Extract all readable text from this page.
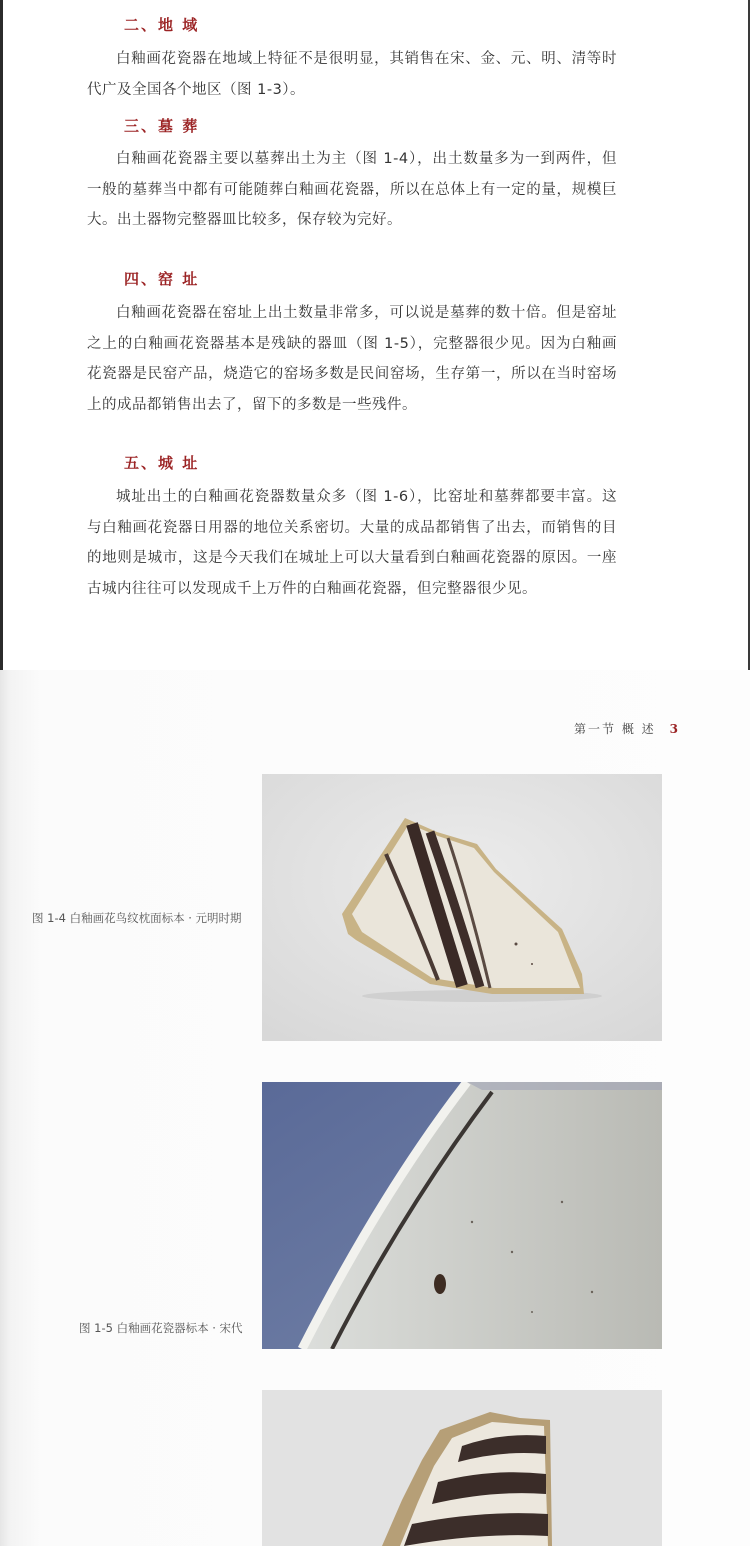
二、地 域

白釉画花瓷器在地域上特征不是很明显，其销售在宋、金、元、明、清等时代广及全国各个地区（图 1-3）。

三、墓 葬

白釉画花瓷器主要以墓葬出土为主（图 1-4），出土数量多为一到两件，但一般的墓葬当中都有可能随葬白釉画花瓷器，所以在总体上有一定的量，规模巨大。出土器物完整器皿比较多，保存较为完好。

四、窑 址

白釉画花瓷器在窑址上出土数量非常多，可以说是墓葬的数十倍。但是窑址之上的白釉画花瓷器基本是残缺的器皿（图 1-5），完整器很少见。因为白釉画花瓷器是民窑产品，烧造它的窑场多数是民间窑场，生存第一，所以在当时窑场上的成品都销售出去了，留下的多数是一些残件。

五、城 址

城址出土的白釉画花瓷器数量众多（图 1-6），比窑址和墓葬都要丰富。这与白釉画花瓷器日用器的地位关系密切。大量的成品都销售了出去，而销售的目的地则是城市，这是今天我们在城址上可以大量看到白釉画花瓷器的原因。一座古城内往往可以发现成千上万件的白釉画花瓷器，但完整器很少见。

第一节 概 述 3
图 1-4 白釉画花鸟纹枕面标本 · 元明时期
图 1-5 白釉画花瓷器标本 · 宋代
